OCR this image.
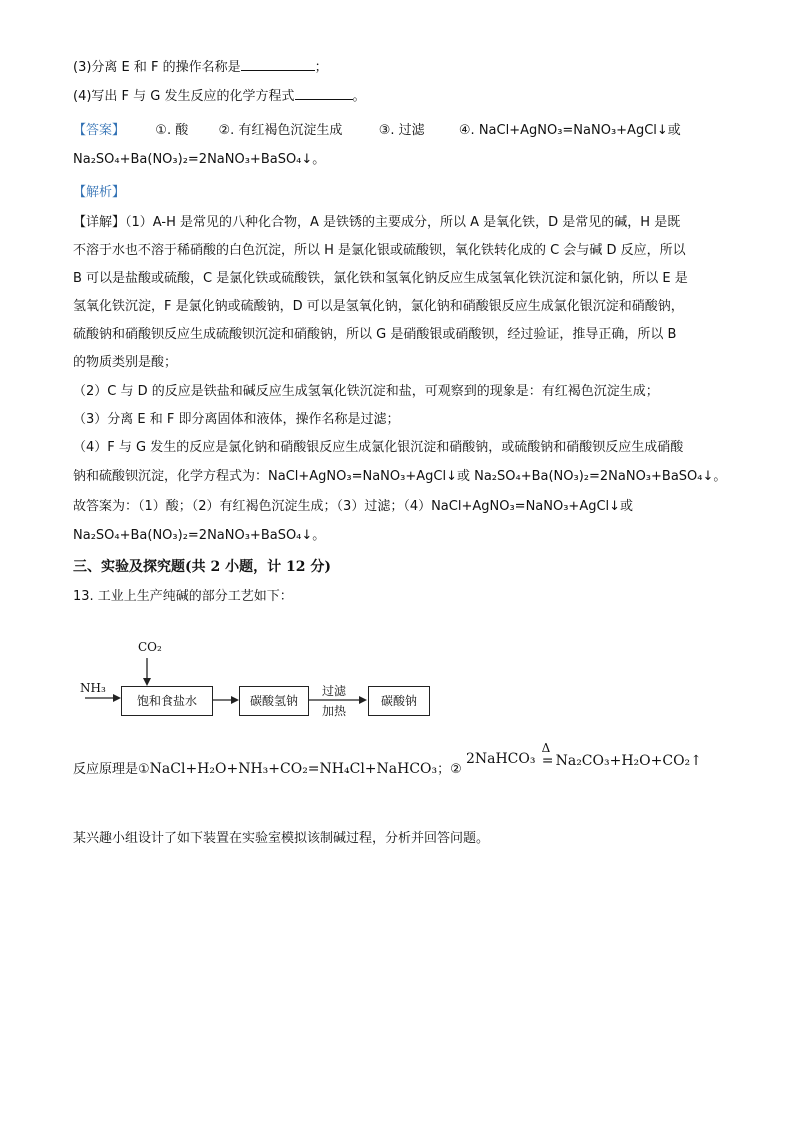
(3)分离 E 和 F 的操作名称是	；
(4)写出 F 与 G 发生反应的化学方程式	。
【答案】 ①. 酸 ②. 有红褐色沉淀生成	③. 过滤	④. NaCl+AgNO₃=NaNO₃+AgCl↓或
Na₂SO₄+Ba(NO₃)₂=2NaNO₃+BaSO₄↓。
【解析】
【详解】（1）A-H 是常见的八种化合物，A 是铁锈的主要成分，所以 A 是氧化铁，D 是常见的碱，H 是既
不溶于水也不溶于稀硝酸的白色沉淀，所以 H 是氯化银或硫酸钡，氧化铁转化成的 C 会与碱 D 反应，所以
B 可以是盐酸或硫酸，C 是氯化铁或硫酸铁，氯化铁和氢氧化钠反应生成氢氧化铁沉淀和氯化钠，所以 E 是
氢氧化铁沉淀，F 是氯化钠或硫酸钠，D 可以是氢氧化钠，氯化钠和硝酸银反应生成氯化银沉淀和硝酸钠，
硫酸钠和硝酸钡反应生成硫酸钡沉淀和硝酸钠，所以 G 是硝酸银或硝酸钡，经过验证，推导正确，所以 B
的物质类别是酸；
（2）C 与 D 的反应是铁盐和碱反应生成氢氧化铁沉淀和盐，可观察到的现象是：有红褐色沉淀生成；
（3）分离 E 和 F 即分离固体和液体，操作名称是过滤；
（4）F 与 G 发生的反应是氯化钠和硝酸银反应生成氯化银沉淀和硝酸钠，或硫酸钠和硝酸钡反应生成硝酸
钠和硫酸钡沉淀，化学方程式为：NaCl+AgNO₃=NaNO₃+AgCl↓或 Na₂SO₄+Ba(NO₃)₂=2NaNO₃+BaSO₄↓。
故答案为：（1）酸；（2）有红褐色沉淀生成；（3）过滤；（4）NaCl+AgNO₃=NaNO₃+AgCl↓或
Na₂SO₄+Ba(NO₃)₂=2NaNO₃+BaSO₄↓。
三、实验及探究题(共 2 小题，计 12 分)
13. 工业上生产纯碱的部分工艺如下：
CO₂
NH₃
饱和食盐水	碳酸氢钠
过滤
加热
碳酸钠
反应原理是①NaCl+H₂O+NH₃+CO₂=NH₄Cl+NaHCO₃；② 2NaHCO₃
Δ
= Na₂CO₃+H₂O+CO₂↑
某兴趣小组设计了如下装置在实验室模拟该制碱过程，分析并回答问题。
